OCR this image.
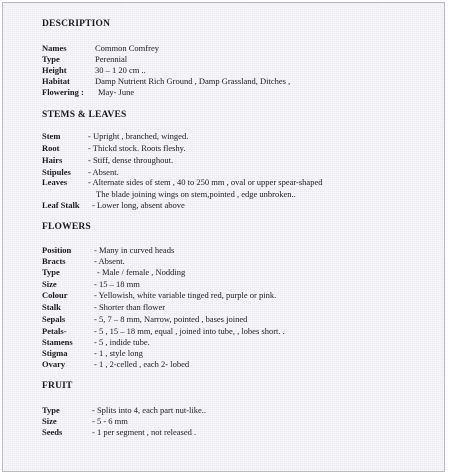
DESCRIPTION
Names	Common Comfrey
Type	Perennial
Height	30 – 1 20 cm ..
Habitat	Damp Nutrient Rich Ground , Damp Grassland, Ditches ,
Flowering : May- June
STEMS & LEAVES
Stem	- Upright , branched, winged.
Root	- Thickd stock. Roots fleshy.
Hairs	- Stiff, dense throughout.
Stipules - Absent.
Leaves - Alternate sides of stem , 40 to 250 mm , oval or upper spear-shaped
The blade joining wings on stem,pointed , edge unbroken..
Leaf Stalk - Lower long, absent above
FLOWERS
Position	- Many in curved heads
Bracts	- Absent.
Type	- Male / female , Nodding
Size	- 15 – 18 mm
Colour	- Yellowish, white variable tinged red, purple or pink.
Stalk	- Shorter than flower
Sepals	- 5, 7 – 8 mm, Narrow, pointed , bases joined
Petals-	- 5 , 15 – 18 mm, equal , joined into tube, , lobes short. .
Stamens	- 5 , indide tube.
Stigma	- 1 , style long
Ovary	- 1 , 2-celled , each 2- lobed
FRUIT
Type	- Splits into 4, each part nut-like..
Size	- 5 - 6 mm
Seeds	- 1 per segment , not released .
